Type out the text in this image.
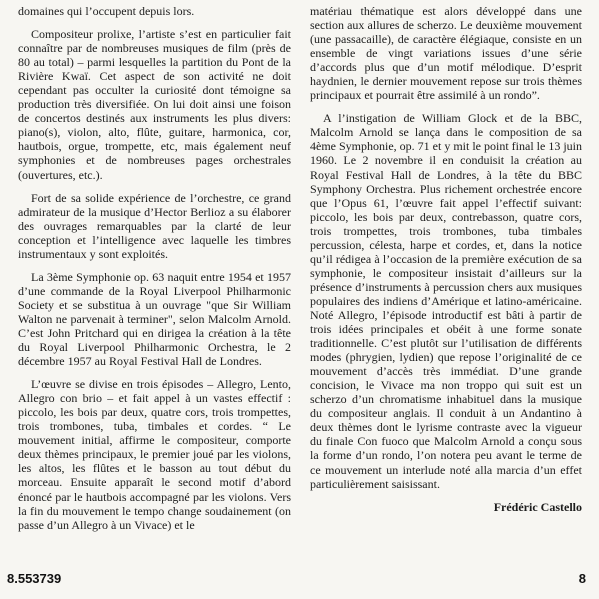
domaines qui l’occupent depuis lors.

Compositeur prolixe, l’artiste s’est en particulier fait connaître par de nombreuses musiques de film (près de 80 au total) – parmi lesquelles la partition du Pont de la Rivière Kwaï. Cet aspect de son activité ne doit cependant pas occulter la curiosité dont témoigne sa production très diversifiée. On lui doit ainsi une foison de concertos destinés aux instruments les plus divers: piano(s), violon, alto, flûte, guitare, harmonica, cor, hautbois, orgue, trompette, etc, mais également neuf symphonies et de nombreuses pages orchestrales (ouvertures, etc.).

Fort de sa solide expérience de l’orchestre, ce grand admirateur de la musique d’Hector Berlioz a su élaborer des ouvrages remarquables par la clarté de leur conception et l’intelligence avec laquelle les timbres instrumentaux y sont exploités.

La 3ème Symphonie op. 63 naquit entre 1954 et 1957 d’une commande de la Royal Liverpool Philharmonic Society et se substitua à un ouvrage "que Sir William Walton ne parvenait à terminer", selon Malcolm Arnold. C’est John Pritchard qui en dirigea la création à la tête du Royal Liverpool Philharmonic Orchestra, le 2 décembre 1957 au Royal Festival Hall de Londres.

L’œuvre se divise en trois épisodes – Allegro, Lento, Allegro con brio – et fait appel à un vastes effectif : piccolo, les bois par deux, quatre cors, trois trompettes, trois trombones, tuba, timbales et cordes. “ Le mouvement initial, affirme le compositeur, comporte deux thèmes principaux, le premier joué par les violons, les altos, les flûtes et le basson au tout début du morceau. Ensuite apparaît le second motif d’abord énoncé par le hautbois accompagné par les violons. Vers la fin du mouvement le tempo change soudainement (on passe d’un Allegro à un Vivace) et le

matériau thématique est alors développé dans une section aux allures de scherzo. Le deuxième mouvement (une passacaille), de caractère élégiaque, consiste en un ensemble de vingt variations issues d’une série d’accords plus que d’un motif mélodique. D’esprit haydnien, le dernier mouvement repose sur trois thèmes principaux et pourrait être assimilé à un rondo”.

A l’instigation de William Glock et de la BBC, Malcolm Arnold se lança dans le composition de sa 4ème Symphonie, op. 71 et y mit le point final le 13 juin 1960. Le 2 novembre il en conduisit la création au Royal Festival Hall de Londres, à la tête du BBC Symphony Orchestra. Plus richement orchestrée encore que l’Opus 61, l’œuvre fait appel l’effectif suivant: piccolo, les bois par deux, contrebasson, quatre cors, trois trompettes, trois trombones, tuba timbales percussion, célesta, harpe et cordes, et, dans la notice qu’il rédigea à l’occasion de la première exécution de sa symphonie, le compositeur insistait d’ailleurs sur la présence d’instruments à percussion chers aux musiques populaires des indiens d’Amérique et latino-américaine. Noté Allegro, l’épisode introductif est bâti à partir de trois idées principales et obéit à une forme sonate traditionnelle. C’est plutôt sur l’utilisation de différents modes (phrygien, lydien) que repose l’originalité de ce mouvement d’accès très immédiat. D’une grande concision, le Vivace ma non troppo qui suit est un scherzo d’un chromatisme inhabituel dans la musique du compositeur anglais. Il conduit à un Andantino à deux thèmes dont le lyrisme contraste avec la vigueur du finale Con fuoco que Malcolm Arnold a conçu sous la forme d’un rondo, l’on notera peu avant le terme de ce mouvement un interlude noté alla marcia d’un effet particulièrement saisissant.

Frédéric Castello

8.553739	8
